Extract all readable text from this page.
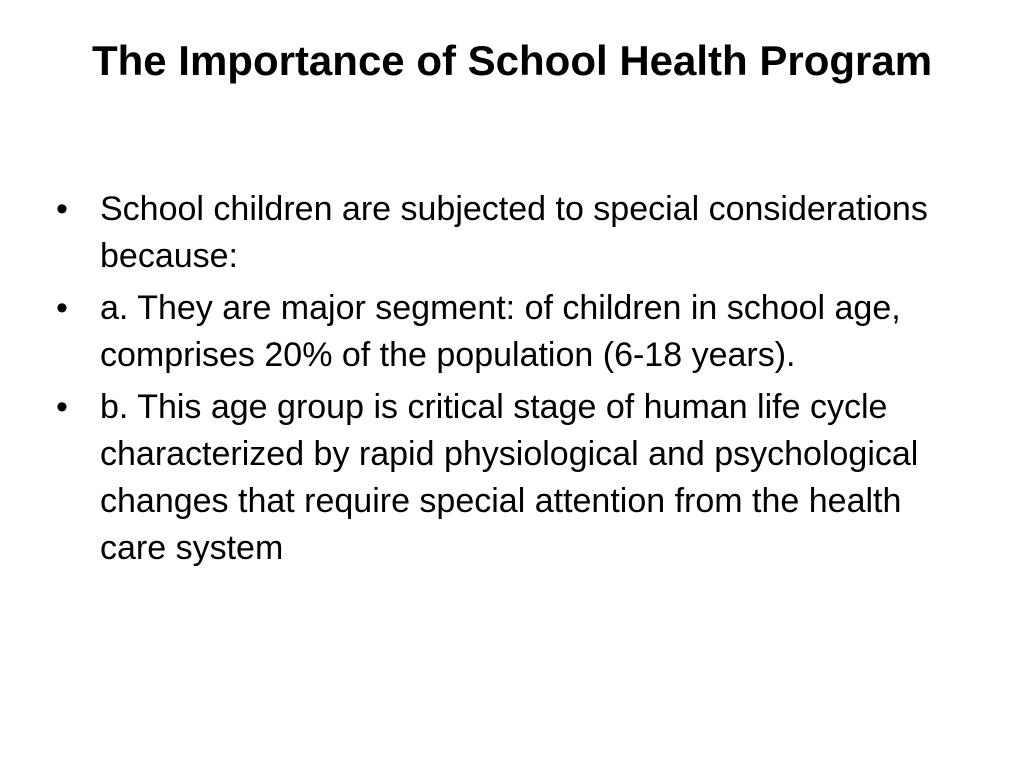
The Importance of School Health Program
• School children are subjected to special considerations because:
• a. They are major segment: of children in school age, comprises 20% of the population (6-18 years).
• b. This age group is critical stage of human life cycle characterized by rapid physiological and psychological changes that require special attention from the health care system
